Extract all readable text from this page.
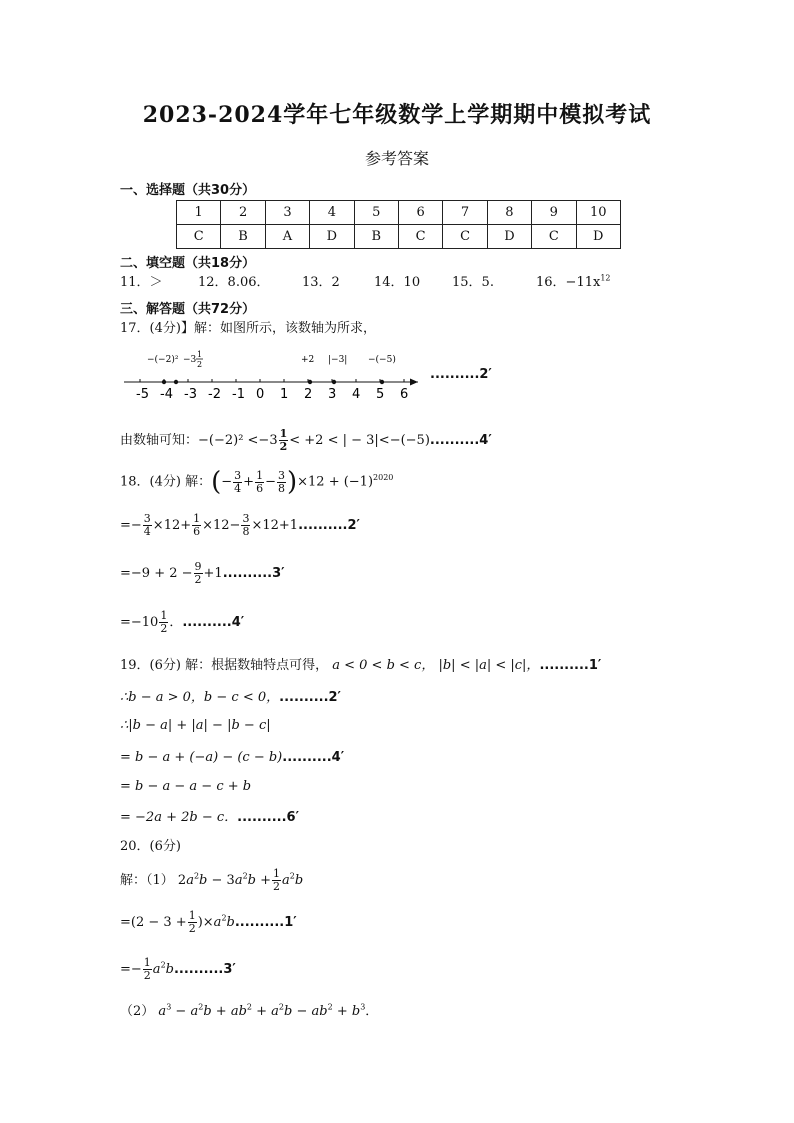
2023-2024学年七年级数学上学期期中模拟考试
参考答案
一、选择题（共30分）
1	2	3	4	5	6	7	8	9	10
C	B	A	D	B	C	C	D	C	D
二、填空题（共18分）
11．＞	12．8.06．	13．2	14．10 15．5.	16．$-11x^{12}$
三、解答题（共72分）
17．(4分)】解：如图所示，该数轴为所求，
−(−2)² −3
1
2	+2 |−3| −(−5)
-5 -4 -3 -2 -1 0 1 2 3 4 5 6
..........2′
由数轴可知：$-(-2)^2 <-3 \frac{1}{2} < +2$ < | − 3|<−(−5)..........4′
18．(4分) 解：(− $\frac{3}{4} + \frac{1}{6} - \frac{3}{8} )\times 12 + (-1)^{2020}$
=− $\frac{3}{4} \times 12+ \frac{1}{6} \times 12- \frac{3}{8} \times 12+1..........2'$
$=-9 + 2 - \frac{9}{2} +1..........3'$
$=-10 \frac{1}{2}$ ．..........4′
19．(6分) 解：根据数轴特点可得， a < 0 < b < c， |b| < |a| < |c|，..........1′
∴b − a > 0，b − c < 0，..........2′
∴|b − a| + |a| − |b − c|
= b − a + (−a) − (c − b)..........4′
= b − a − a − c + b
= −2a + 2b − c．..........6′
20．(6分)
解：（1） $2a^2b - 3a^2b + \frac{1}{2} a^2b$
$=(2 - 3 + \frac{1}{2} )\times a^2b..........1'$
=− $\frac{1}{2} a^2b..........3'$
（2） $a^3 - a^2b + ab^2 + a^2b - ab^2 + b^3$．
